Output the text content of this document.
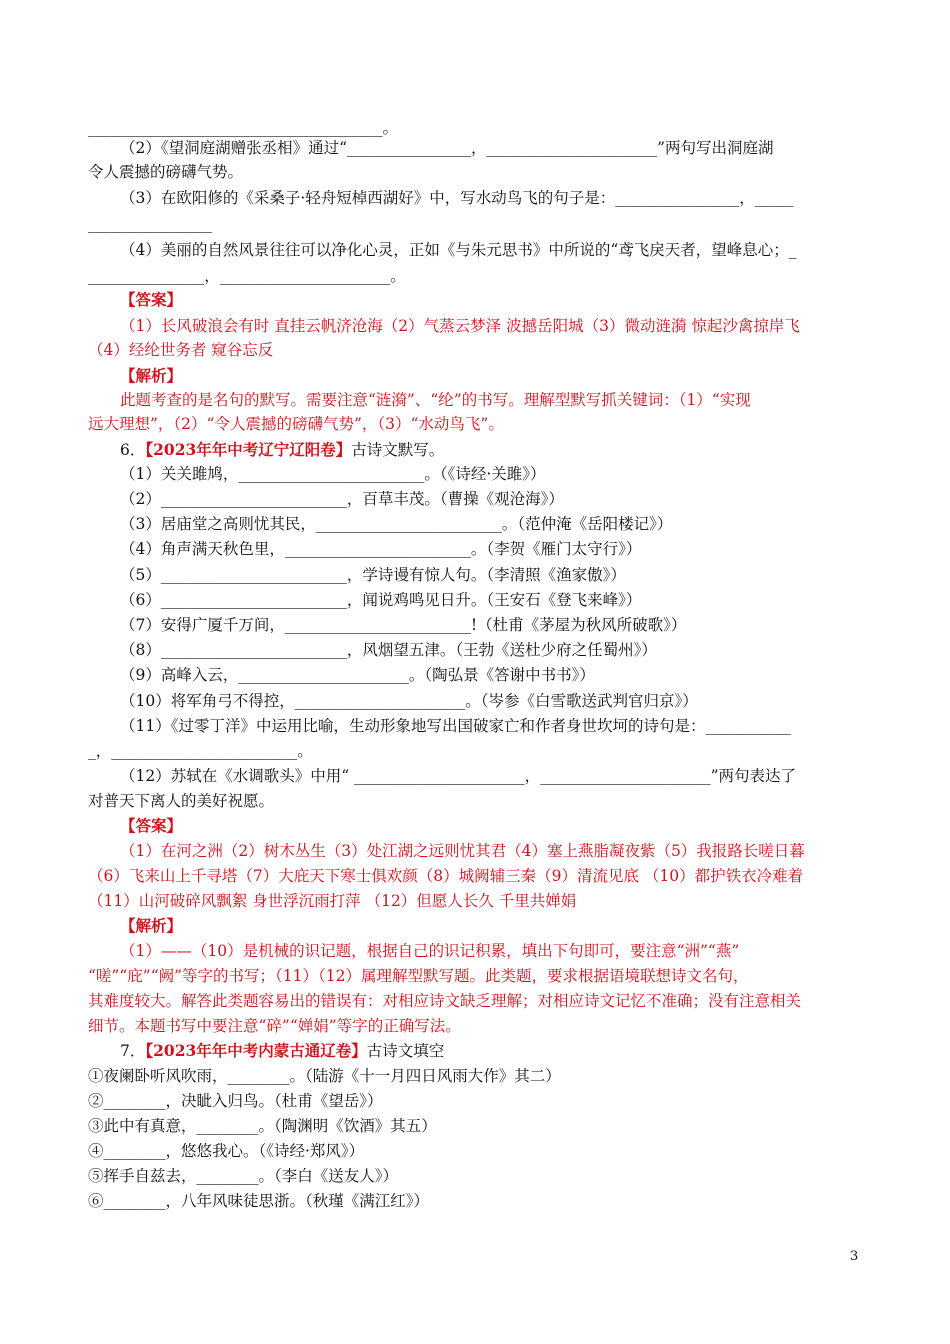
______________________________________。
（2）《望洞庭湖赠张丞相》通过“________________，______________________”两句写出洞庭湖
令人震撼的磅礴气势。
（3）在欧阳修的《采桑子·轻舟短棹西湖好》中，写水动鸟飞的句子是：________________，_____
________________
（4）美丽的自然风景往往可以净化心灵，正如《与朱元思书》中所说的“鸢飞戾天者，望峰息心；_
_______________，______________________。
【答案】
（1）长风破浪会有时 直挂云帆济沧海（2）气蒸云梦泽 波撼岳阳城（3）微动涟漪 惊起沙禽掠岸飞
（4）经纶世务者 窥谷忘反
【解析】
此题考查的是名句的默写。需要注意“涟漪”、“纶”的书写。理解型默写抓关键词：（1）“实现
远大理想”，（2）“令人震撼的磅礴气势”，（3）“水动鸟飞”。
6．【2023年年中考辽宁辽阳卷】古诗文默写。
（1）关关雎鸠，________________________。（《诗经·关雎》）
（2）________________________，百草丰茂。（曹操《观沧海》）
（3）居庙堂之高则忧其民，________________________。（范仲淹《岳阳楼记》）
（4）角声满天秋色里，________________________。（李贺《雁门太守行》）
（5）________________________，学诗谩有惊人句。（李清照《渔家傲》）
（6）________________________，闻说鸡鸣见日升。（王安石《登飞来峰》）
（7）安得广厦千万间，________________________!（杜甫《茅屋为秋风所破歌》）
（8）________________________，风烟望五津。（王勃《送杜少府之任蜀州》）
（9）高峰入云，______________________。（陶弘景《答谢中书书》）
（10）将军角弓不得控，______________________。（岑参《白雪歌送武判官归京》）
（11）《过零丁洋》中运用比喻，生动形象地写出国破家亡和作者身世坎坷的诗句是：___________
_，________________________。
（12）苏轼在《水调歌头》中用“ ______________________，______________________”两句表达了
对普天下离人的美好祝愿。
【答案】
（1）在河之洲（2）树木丛生（3）处江湖之远则忧其君（4）塞上燕脂凝夜紫（5）我报路长嗟日暮
（6）飞来山上千寻塔（7）大庇天下寒士俱欢颜（8）城阙辅三秦（9）清流见底 （10）都护铁衣冷难着
（11）山河破碎风飘絮 身世浮沉雨打萍 （12）但愿人长久 千里共婵娟
【解析】
（1）——（10）是机械的识记题，根据自己的识记积累，填出下句即可，要注意“洲”“燕”
“嗟”“庇”“阙”等字的书写；（11）（12）属理解型默写题。此类题，要求根据语境联想诗文名句，
其难度较大。解答此类题容易出的错误有：对相应诗文缺乏理解；对相应诗文记忆不准确；没有注意相关
细节。本题书写中要注意“碎”“婵娟”等字的正确写法。
7．【2023年年中考内蒙古通辽卷】古诗文填空
①夜阑卧听风吹雨，________。（陆游《十一月四日风雨大作》其二）
②________，决眦入归鸟。（杜甫《望岳》）
③此中有真意，________。（陶渊明《饮酒》其五）
④________，悠悠我心。（《诗经·郑风》）
⑤挥手自兹去，________。（李白《送友人》）
⑥________，八年风味徒思浙。（秋瑾《满江红》）
3
